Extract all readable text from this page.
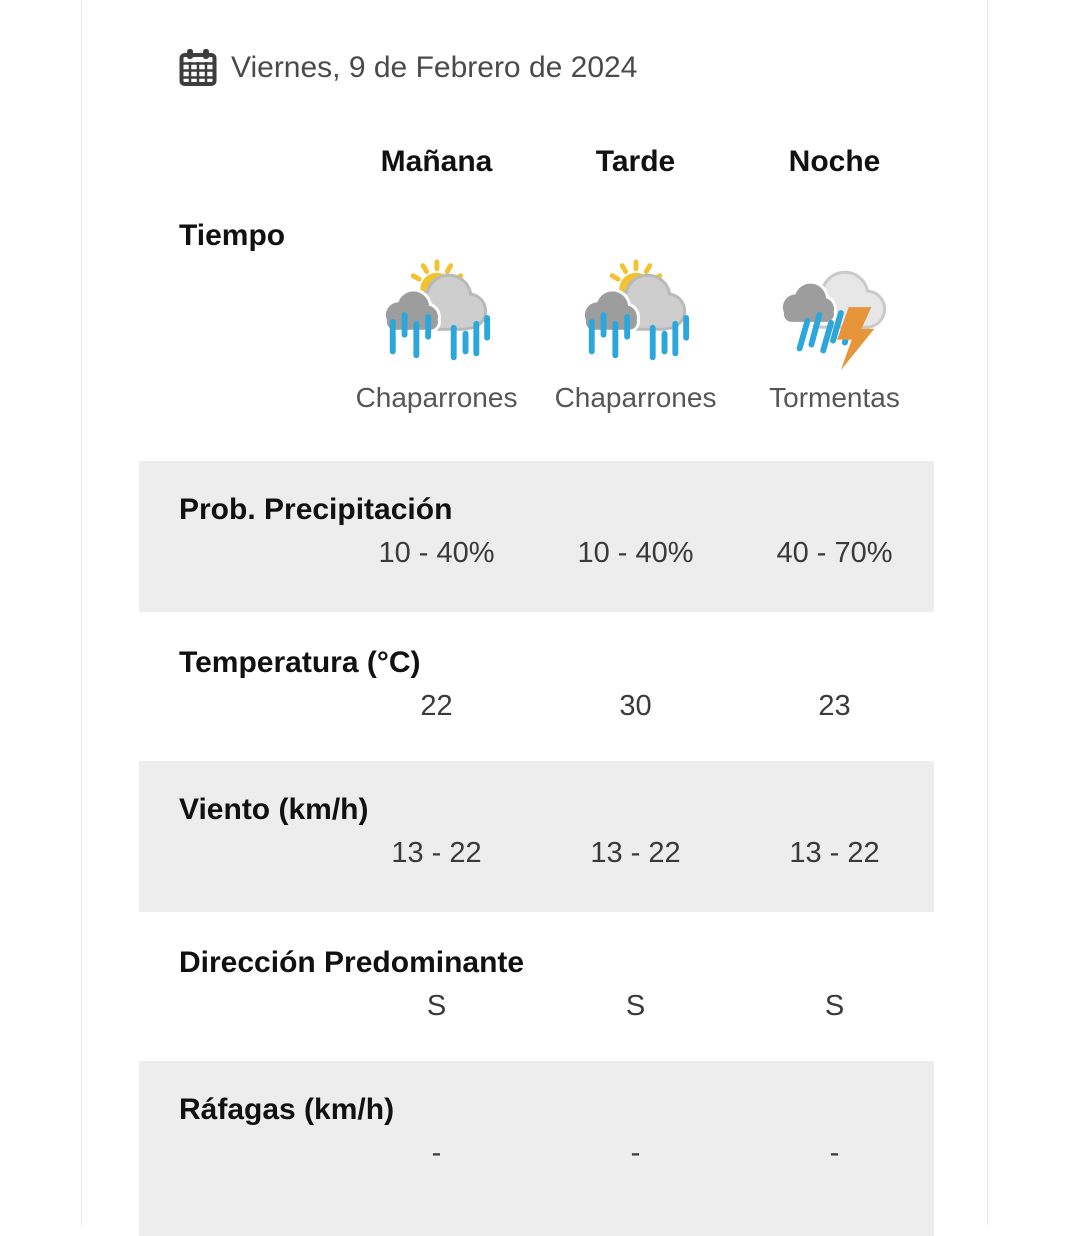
Viernes, 9 de Febrero de 2024
Mañana	Tarde	Noche
Tiempo
Chaparrones Chaparrones Tormentas
Prob. Precipitación
10 - 40%	10 - 40%	40 - 70%
Temperatura (°C)
22	30	23
Viento (km/h)
13 - 22	13 - 22	13 - 22
Dirección Predominante
S	S	S
Ráfagas (km/h)
-	-	-
